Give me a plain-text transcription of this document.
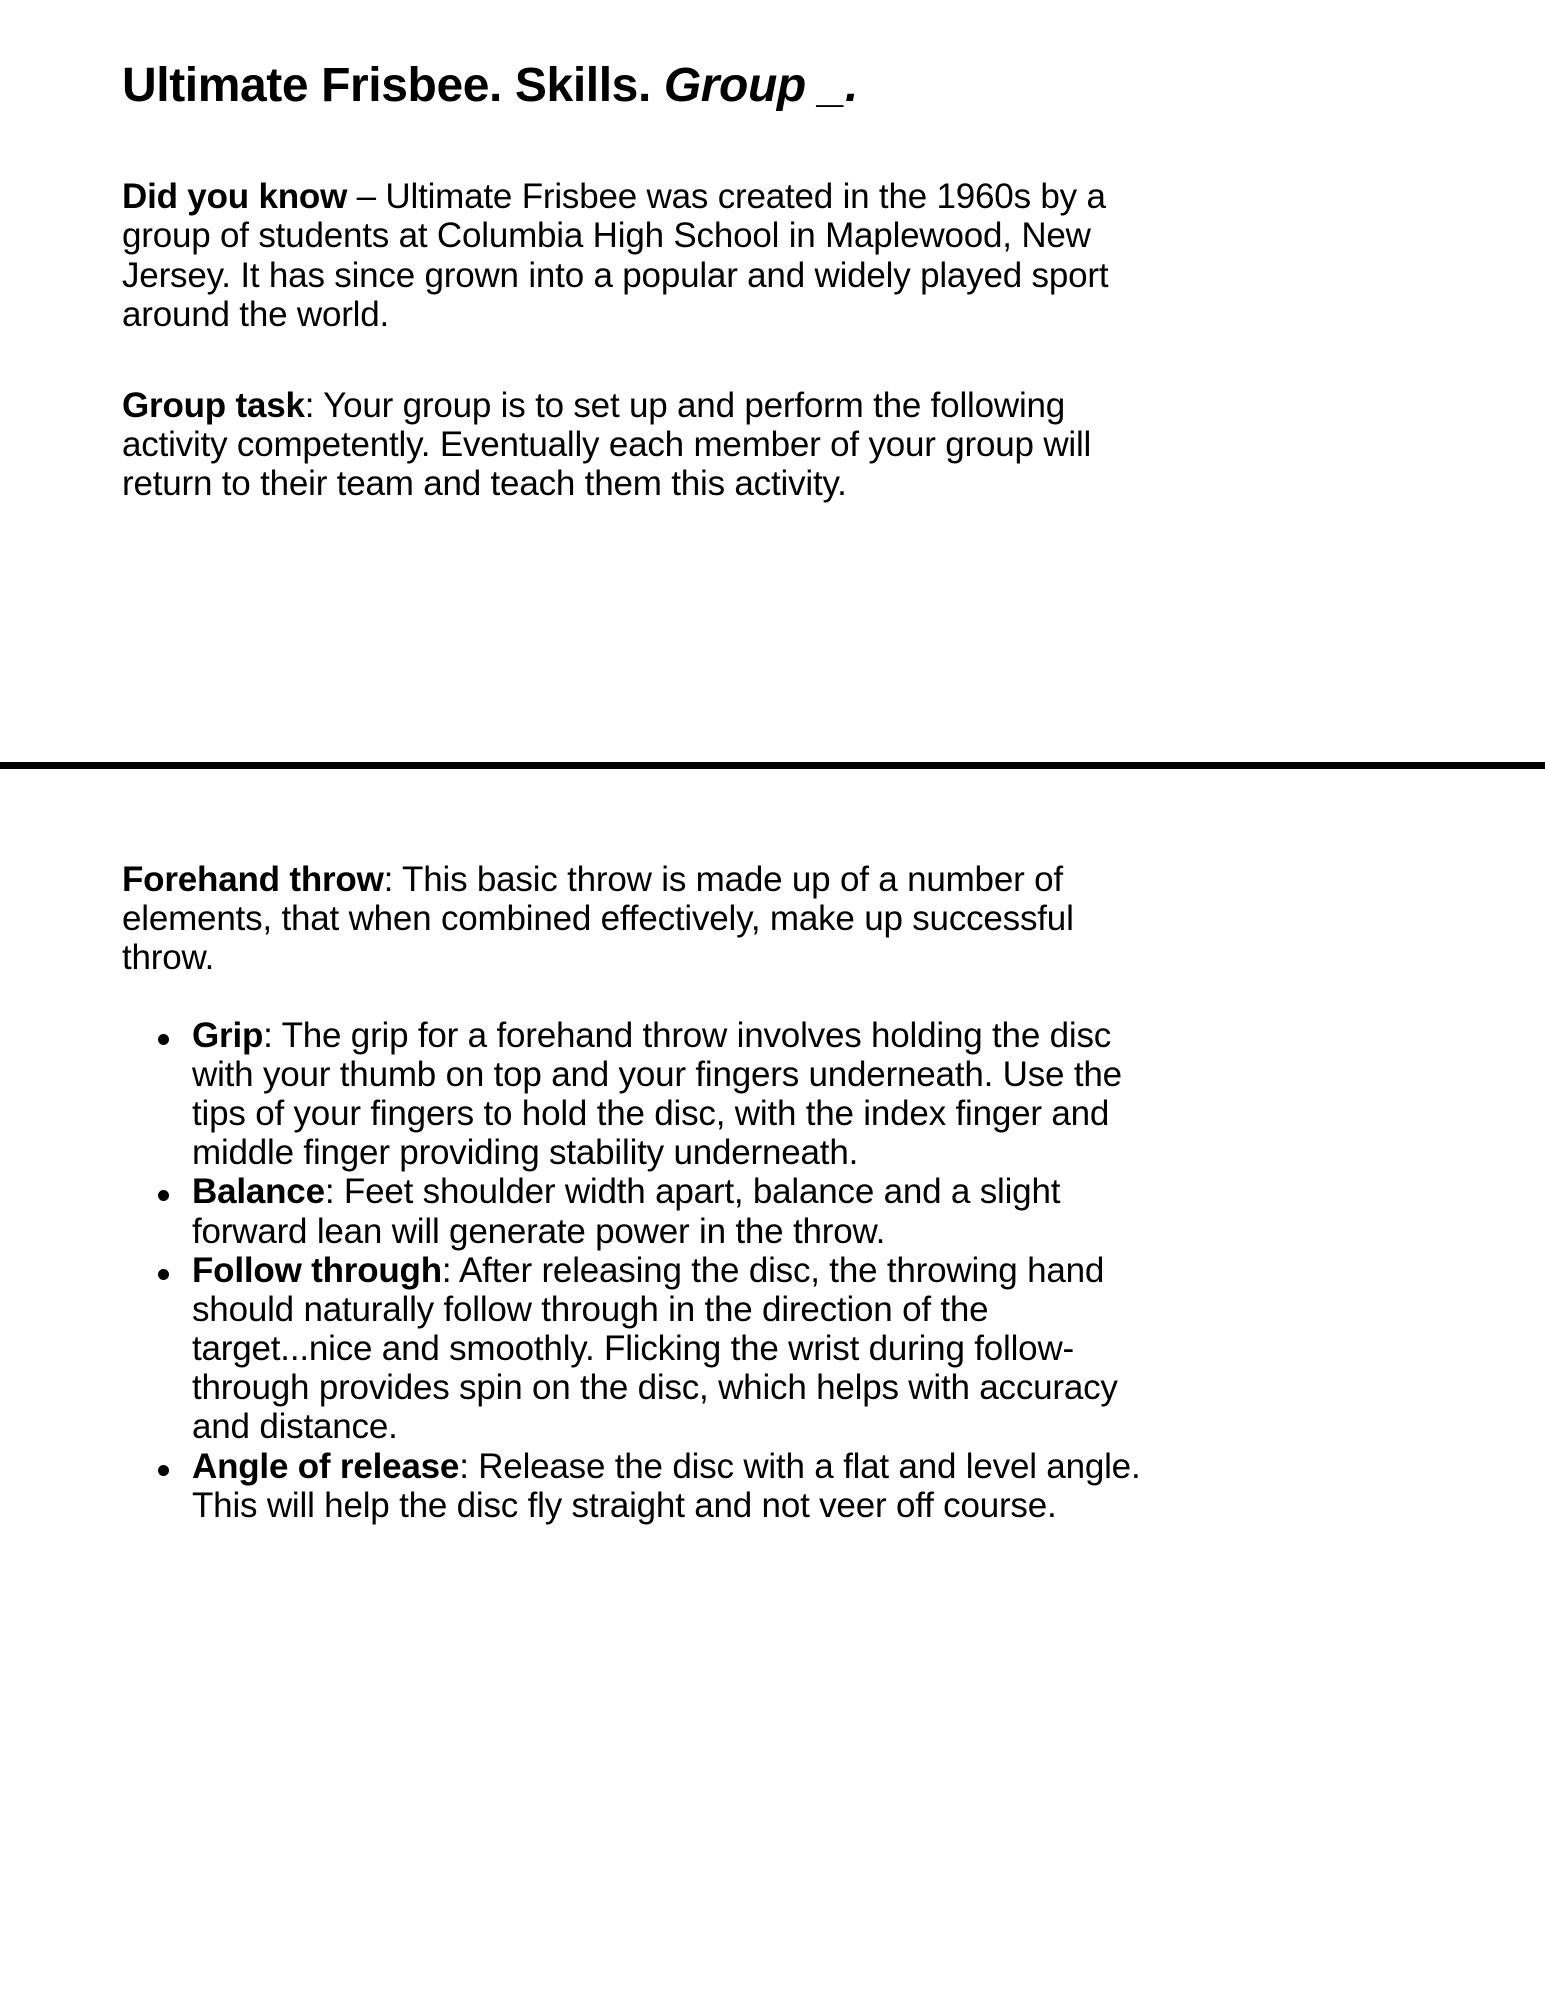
Ultimate Frisbee. Skills. Group _.

Did you know – Ultimate Frisbee was created in the 1960s by a group of students at Columbia High School in Maplewood, New Jersey. It has since grown into a popular and widely played sport around the world.

Group task: Your group is to set up and perform the following activity competently. Eventually each member of your group will return to their team and teach them this activity.

Forehand throw: This basic throw is made up of a number of elements, that when combined effectively, make up successful throw.

Grip: The grip for a forehand throw involves holding the disc with your thumb on top and your fingers underneath. Use the tips of your fingers to hold the disc, with the index finger and middle finger providing stability underneath.
Balance: Feet shoulder width apart, balance and a slight forward lean will generate power in the throw.
Follow through: After releasing the disc, the throwing hand should naturally follow through in the direction of the target...nice and smoothly. Flicking the wrist during follow-through provides spin on the disc, which helps with accuracy and distance.
Angle of release: Release the disc with a flat and level angle. This will help the disc fly straight and not veer off course.
